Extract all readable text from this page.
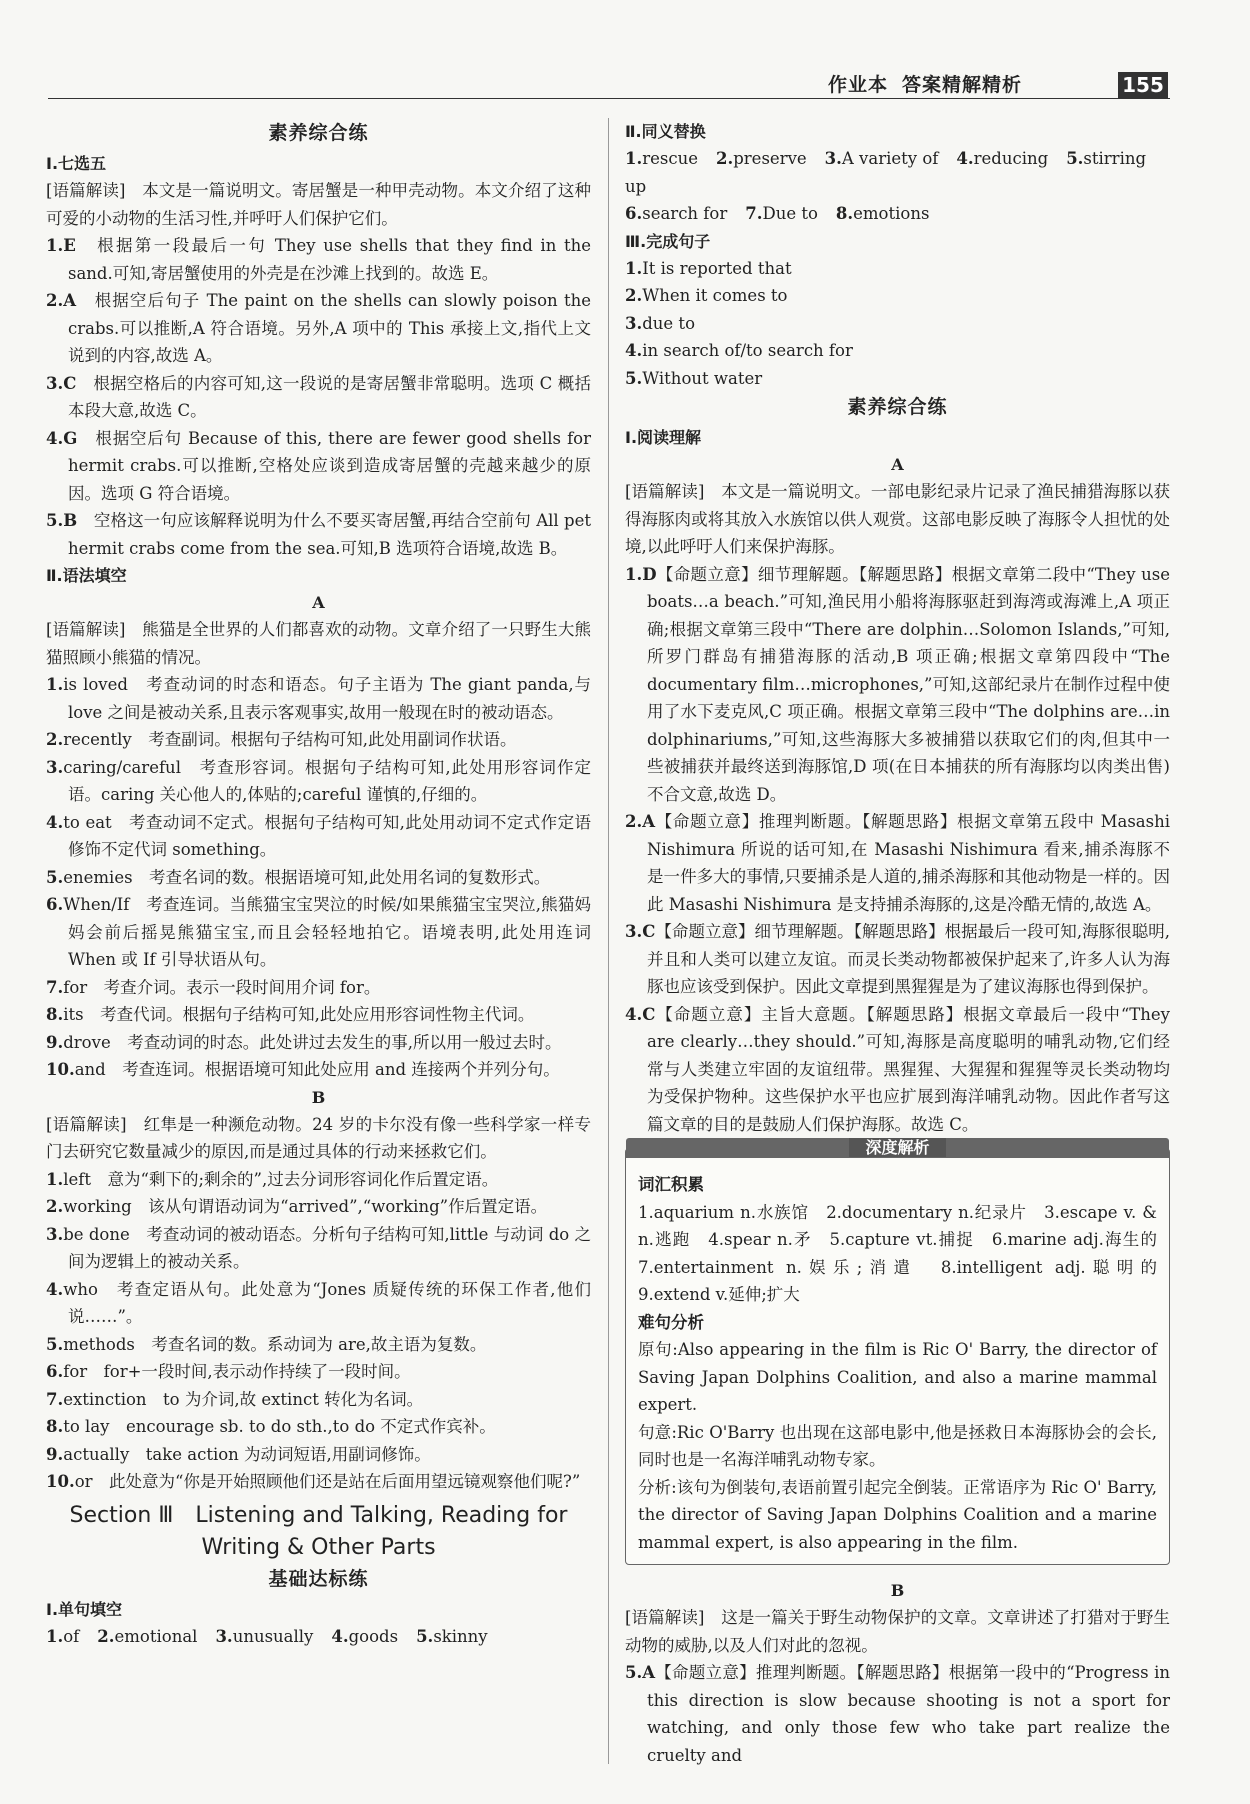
作业本 答案精解精析	155
素养综合练
Ⅰ.七选五
[语篇解读]　本文是一篇说明文。寄居蟹是一种甲壳动物。本文介绍了这种可爱的小动物的生活习性,并呼吁人们保护它们。
1.E　根据第一段最后一句 They use shells that they find in the sand.可知,寄居蟹使用的外壳是在沙滩上找到的。故选 E。
2.A　根据空后句子 The paint on the shells can slowly poison the crabs.可以推断,A 符合语境。另外,A 项中的 This 承接上文,指代上文说到的内容,故选 A。
3.C　根据空格后的内容可知,这一段说的是寄居蟹非常聪明。选项 C 概括本段大意,故选 C。
4.G　根据空后句 Because of this, there are fewer good shells for hermit crabs.可以推断,空格处应谈到造成寄居蟹的壳越来越少的原因。选项 G 符合语境。
5.B　空格这一句应该解释说明为什么不要买寄居蟹,再结合空前句 All pet hermit crabs come from the sea.可知,B 选项符合语境,故选 B。
Ⅱ.语法填空
A
[语篇解读]　熊猫是全世界的人们都喜欢的动物。文章介绍了一只野生大熊猫照顾小熊猫的情况。
1.is loved　考查动词的时态和语态。句子主语为 The giant panda,与 love 之间是被动关系,且表示客观事实,故用一般现在时的被动语态。
2.recently　考查副词。根据句子结构可知,此处用副词作状语。
3.caring/careful　考查形容词。根据句子结构可知,此处用形容词作定语。caring 关心他人的,体贴的;careful 谨慎的,仔细的。
4.to eat　考查动词不定式。根据句子结构可知,此处用动词不定式作定语修饰不定代词 something。
5.enemies　考查名词的数。根据语境可知,此处用名词的复数形式。
6.When/If　考查连词。当熊猫宝宝哭泣的时候/如果熊猫宝宝哭泣,熊猫妈妈会前后摇晃熊猫宝宝,而且会轻轻地拍它。语境表明,此处用连词 When 或 If 引导状语从句。
7.for　考查介词。表示一段时间用介词 for。
8.its　考查代词。根据句子结构可知,此处应用形容词性物主代词。
9.drove　考查动词的时态。此处讲过去发生的事,所以用一般过去时。
10.and　考查连词。根据语境可知此处应用 and 连接两个并列分句。
B
[语篇解读]　红隼是一种濒危动物。24 岁的卡尔没有像一些科学家一样专门去研究它数量减少的原因,而是通过具体的行动来拯救它们。
1.left　意为“剩下的;剩余的”,过去分词形容词化作后置定语。
2.working　该从句谓语动词为“arrived”,“working”作后置定语。
3.be done　考查动词的被动语态。分析句子结构可知,little 与动词 do 之间为逻辑上的被动关系。
4.who　考查定语从句。此处意为“Jones 质疑传统的环保工作者,他们说……”。
5.methods　考查名词的数。系动词为 are,故主语为复数。
6.for　for+一段时间,表示动作持续了一段时间。
7.extinction　to 为介词,故 extinct 转化为名词。
8.to lay　encourage sb. to do sth.,to do 不定式作宾补。
9.actually　take action 为动词短语,用副词修饰。
10.or　此处意为“你是开始照顾他们还是站在后面用望远镜观察他们呢?”
Section Ⅲ　Listening and Talking, Reading for
Writing & Other Parts
基础达标练
Ⅰ.单句填空
1.of 2.emotional 3.unusually 4.goods 5.skinny
Ⅱ.同义替换
1.rescue 2.preserve 3.A variety of 4.reducing 5.stirring up
6.search for 7.Due to 8.emotions
Ⅲ.完成句子
1.It is reported that
2.When it comes to
3.due to
4.in search of/to search for
5.Without water
素养综合练
Ⅰ.阅读理解
A
[语篇解读]　本文是一篇说明文。一部电影纪录片记录了渔民捕猎海豚以获得海豚肉或将其放入水族馆以供人观赏。这部电影反映了海豚令人担忧的处境,以此呼吁人们来保护海豚。
1.D【命题立意】细节理解题。【解题思路】根据文章第二段中“They use boats…a beach.”可知,渔民用小船将海豚驱赶到海湾或海滩上,A 项正确;根据文章第三段中“There are dolphin…Solomon Islands,”可知,所罗门群岛有捕猎海豚的活动,B 项正确;根据文章第四段中“The documentary film…microphones,”可知,这部纪录片在制作过程中使用了水下麦克风,C 项正确。根据文章第三段中“The dolphins are…in dolphinariums,”可知,这些海豚大多被捕猎以获取它们的肉,但其中一些被捕获并最终送到海豚馆,D 项(在日本捕获的所有海豚均以肉类出售)不合文意,故选 D。
2.A【命题立意】推理判断题。【解题思路】根据文章第五段中 Masashi Nishimura 所说的话可知,在 Masashi Nishimura 看来,捕杀海豚不是一件多大的事情,只要捕杀是人道的,捕杀海豚和其他动物是一样的。因此 Masashi Nishimura 是支持捕杀海豚的,这是冷酷无情的,故选 A。
3.C【命题立意】细节理解题。【解题思路】根据最后一段可知,海豚很聪明,并且和人类可以建立友谊。而灵长类动物都被保护起来了,许多人认为海豚也应该受到保护。因此文章提到黑猩猩是为了建议海豚也得到保护。
4.C【命题立意】主旨大意题。【解题思路】根据文章最后一段中“They are clearly…they should.”可知,海豚是高度聪明的哺乳动物,它们经常与人类建立牢固的友谊纽带。黑猩猩、大猩猩和猩猩等灵长类动物均为受保护物种。这些保护水平也应扩展到海洋哺乳动物。因此作者写这篇文章的目的是鼓励人们保护海豚。故选 C。
深度解析
词汇积累
1.aquarium n.水族馆　2.documentary n.纪录片　3.escape v. & n.逃跑　4.spear n.矛　5.capture vt.捕捉　6.marine adj.海生的　7.entertainment n.娱乐;消遣　8.intelligent adj.聪明的　9.extend v.延伸;扩大
难句分析
原句:Also appearing in the film is Ric O' Barry, the director of Saving Japan Dolphins Coalition, and also a marine mammal expert.
句意:Ric O'Barry 也出现在这部电影中,他是拯救日本海豚协会的会长,同时也是一名海洋哺乳动物专家。
分析:该句为倒装句,表语前置引起完全倒装。正常语序为 Ric O' Barry, the director of Saving Japan Dolphins Coalition and a marine mammal expert, is also appearing in the film.
B
[语篇解读]　这是一篇关于野生动物保护的文章。文章讲述了打猎对于野生动物的威胁,以及人们对此的忽视。
5.A【命题立意】推理判断题。【解题思路】根据第一段中的“Progress in this direction is slow because shooting is not a sport for watching, and only those few who take part realize the cruelty and
